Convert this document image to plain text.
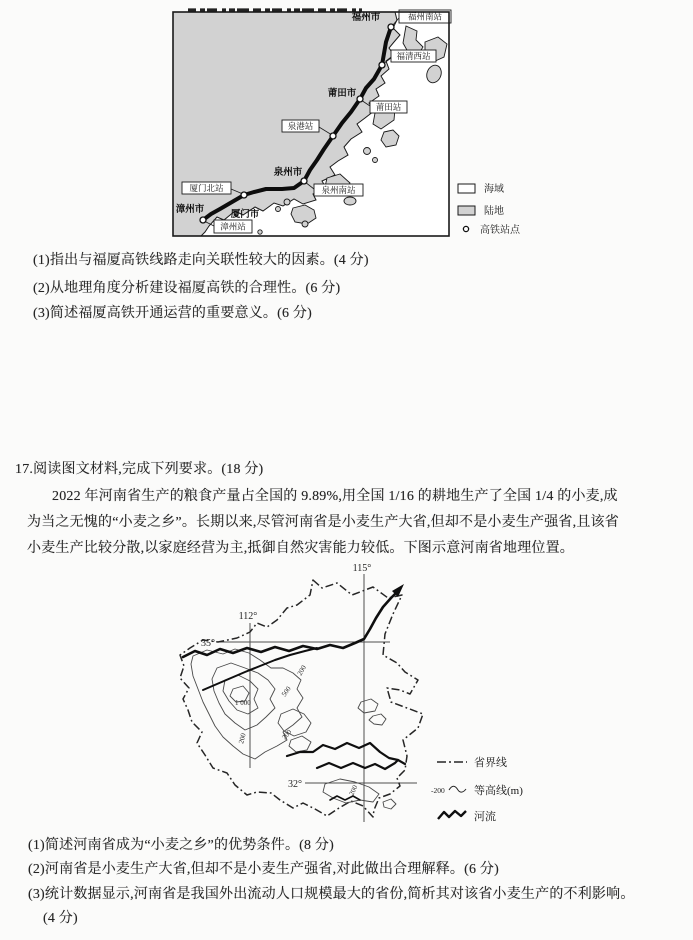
福州市
莆田市
泉州市
漳州市	厦门市
福州南站
福清西站
莆田站
泉港站
泉州南站
厦门北站
漳州站
海域
陆地
高铁站点
(1)指出与福厦高铁线路走向关联性较大的因素。(4 分)
(2)从地理角度分析建设福厦高铁的合理性。(6 分)
(3)简述福厦高铁开通运营的重要意义。(6 分)
17.阅读图文材料,完成下列要求。(18 分)
2022 年河南省生产的粮食产量占全国的 9.89%,用全国 1/16 的耕地生产了全国 1/4 的小麦,成
为当之无愧的“小麦之乡”。长期以来,尽管河南省是小麦生产大省,但却不是小麦生产强省,且该省
小麦生产比较分散,以家庭经营为主,抵御自然灾害能力较低。下图示意河南省地理位置。
115°
112°
35°
32°
200
500
1 000
200	200
200
省界线
-200	等高线(m)
河流
(1)简述河南省成为“小麦之乡”的优势条件。(8 分)
(2)河南省是小麦生产大省,但却不是小麦生产强省,对此做出合理解释。(6 分)
(3)统计数据显示,河南省是我国外出流动人口规模最大的省份,简析其对该省小麦生产的不利影响。
(4 分)
